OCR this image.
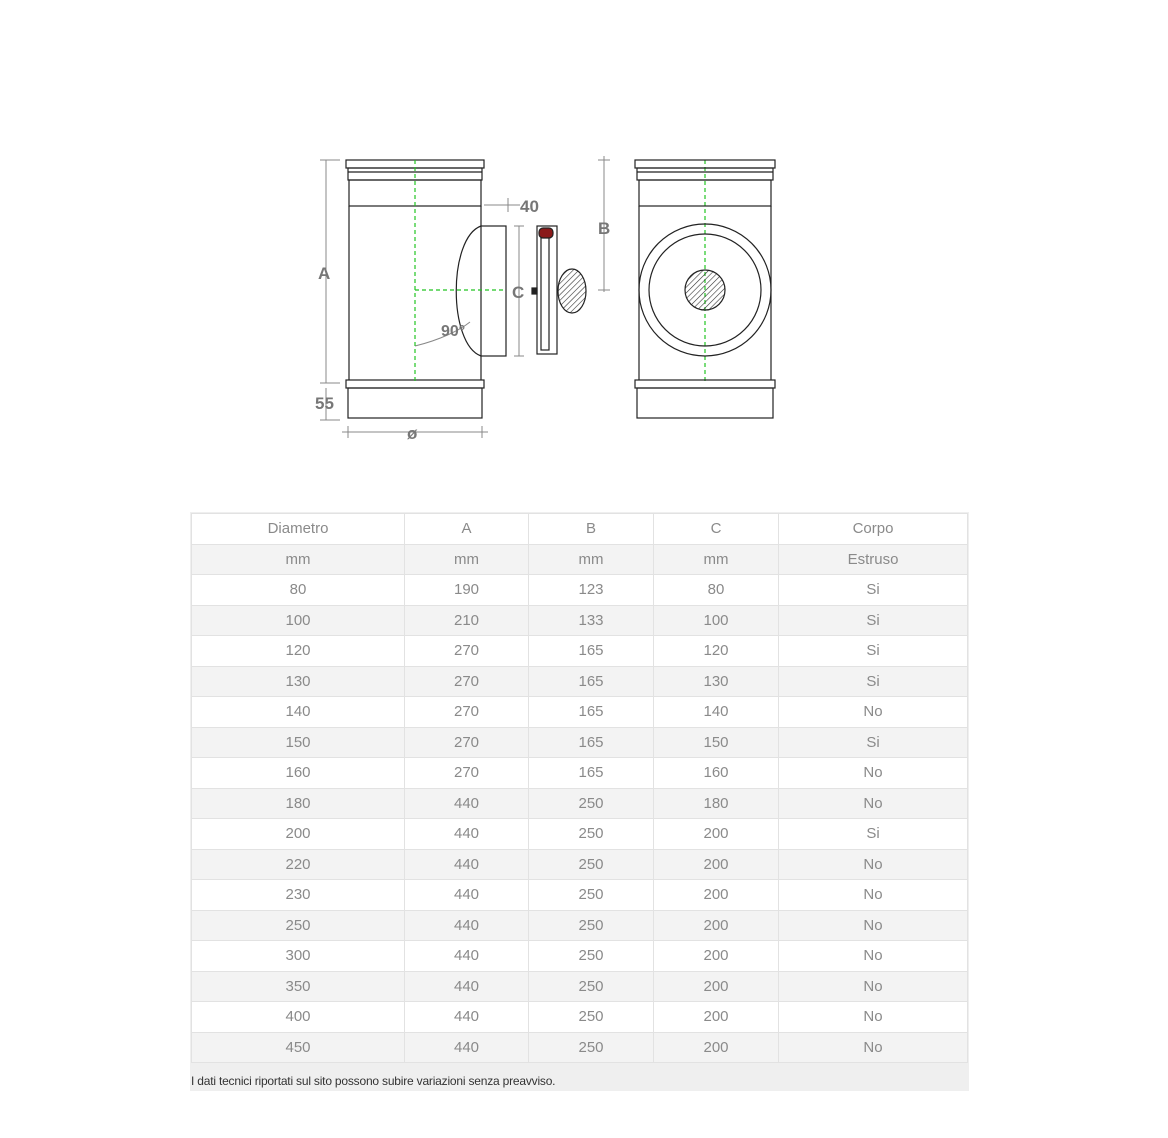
A
55
ø
40
C
B
90°
Diametro	A	B	C	Corpo
mm	mm	mm	mm	Estruso
80	190	123	80	Si
100	210	133	100	Si
120	270	165	120	Si
130	270	165	130	Si
140	270	165	140	No
150	270	165	150	Si
160	270	165	160	No
180	440	250	180	No
200	440	250	200	Si
220	440	250	200	No
230	440	250	200	No
250	440	250	200	No
300	440	250	200	No
350	440	250	200	No
400	440	250	200	No
450	440	250	200	No
I dati tecnici riportati sul sito possono subire variazioni senza preavviso.
